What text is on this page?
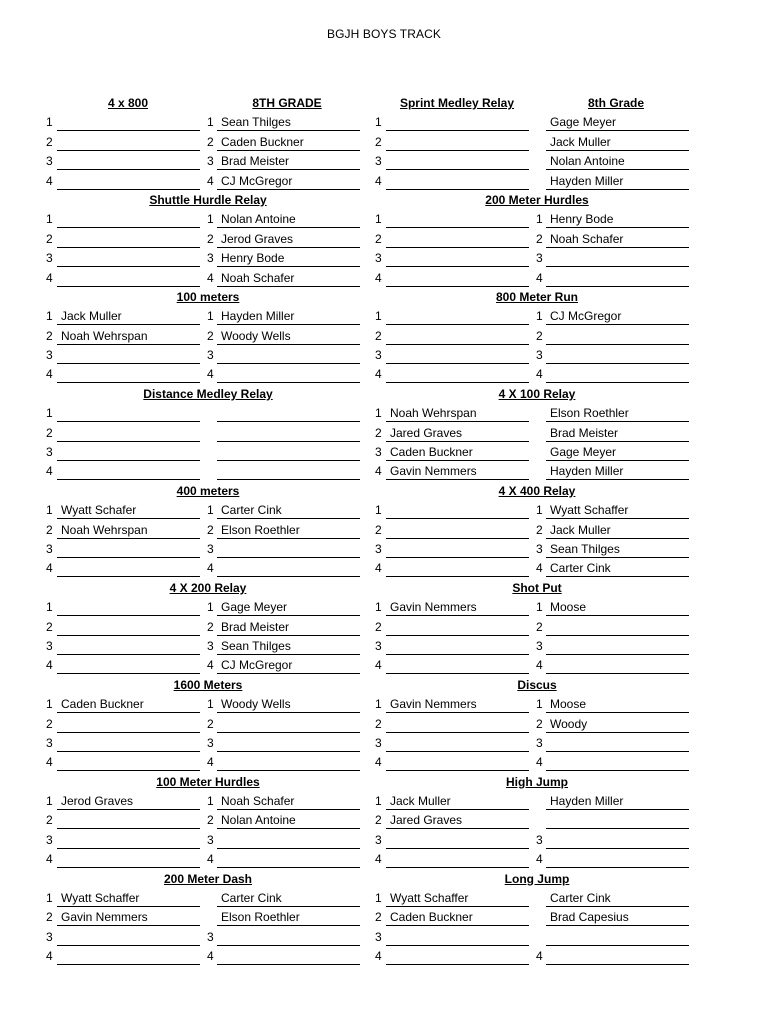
BGJH BOYS TRACK
4 x 800	8TH GRADE
1	1 Sean Thilges
2	2 Caden Buckner
3	3 Brad Meister
4	4 CJ McGregor
Shuttle Hurdle Relay
1	1 Nolan Antoine
2	2 Jerod Graves
3	3 Henry Bode
4	4 Noah Schafer
100 meters
1 Jack Muller	1 Hayden Miller
2 Noah Wehrspan	2 Woody Wells
3	3
4	4
Distance Medley Relay
1
2
3
4
400 meters
1 Wyatt Schafer	1 Carter Cink
2 Noah Wehrspan	2 Elson Roethler
3	3
4	4
4 X 200 Relay
1	1 Gage Meyer
2	2 Brad Meister
3	3 Sean Thilges
4	4 CJ McGregor
1600 Meters
1 Caden Buckner	1 Woody Wells
2	2
3	3
4	4
100 Meter Hurdles
1 Jerod Graves	1 Noah Schafer
2	2 Nolan Antoine
3	3
4	4
200 Meter Dash
1 Wyatt Schaffer	Carter Cink
2 Gavin Nemmers	Elson Roethler
3	3
4	4
Sprint Medley Relay	8th Grade
1	Gage Meyer
2	Jack Muller
3	Nolan Antoine
4	Hayden Miller
200 Meter Hurdles
1	1 Henry Bode
2	2 Noah Schafer
3	3
4	4
800 Meter Run
1	1 CJ McGregor
2	2
3	3
4	4
4 X 100 Relay
1 Noah Wehrspan	Elson Roethler
2 Jared Graves	Brad Meister
3 Caden Buckner	Gage Meyer
4 Gavin Nemmers	Hayden Miller
4 X 400 Relay
1	1 Wyatt Schaffer
2	2 Jack Muller
3	3 Sean Thilges
4	4 Carter Cink
Shot Put
1 Gavin Nemmers	1 Moose
2	2
3	3
4	4
Discus
1 Gavin Nemmers	1 Moose
2	2 Woody
3	3
4	4
High Jump
1 Jack Muller	Hayden Miller
2 Jared Graves
3	3
4	4
Long Jump
1 Wyatt Schaffer	Carter Cink
2 Caden Buckner	Brad Capesius
3
4	4
